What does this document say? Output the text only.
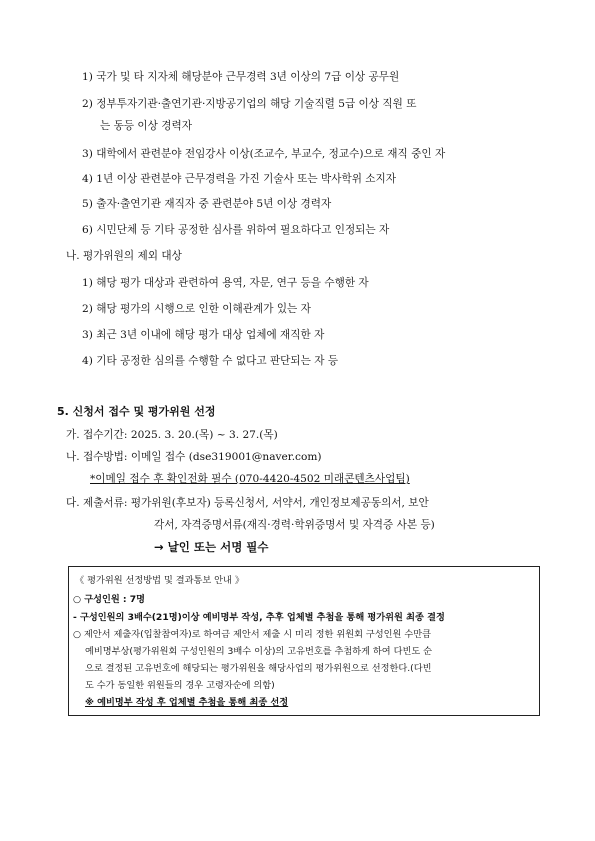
1) 국가 및 타 지자체 해당분야 근무경력 3년 이상의 7급 이상 공무원
2) 정부투자기관·출연기관·지방공기업의 해당 기술직렬 5급 이상 직원 또
는 동등 이상 경력자
3) 대학에서 관련분야 전임강사 이상(조교수, 부교수, 정교수)으로 재직 중인 자
4) 1년 이상 관련분야 근무경력을 가진 기술사 또는 박사학위 소지자
5) 출자·출연기관 재직자 중 관련분야 5년 이상 경력자
6) 시민단체 등 기타 공정한 심사를 위하여 필요하다고 인정되는 자
나. 평가위원의 제외 대상
1) 해당 평가 대상과 관련하여 용역, 자문, 연구 등을 수행한 자
2) 해당 평가의 시행으로 인한 이해관계가 있는 자
3) 최근 3년 이내에 해당 평가 대상 업체에 재직한 자
4) 기타 공정한 심의를 수행할 수 없다고 판단되는 자 등
5. 신청서 접수 및 평가위원 선정
가. 접수기간: 2025. 3. 20.(목) ~ 3. 27.(목)
나. 접수방법: 이메일 접수 (dse319001@naver.com)
*이메일 접수 후 확인전화 필수 (070-4420-4502 미래콘텐츠사업팀)
다. 제출서류: 평가위원(후보자) 등록신청서, 서약서, 개인정보제공동의서, 보안
각서, 자격증명서류(재직·경력·학위증명서 및 자격증 사본 등)
→ 날인 또는 서명 필수
《 평가위원 선정방법 및 결과통보 안내 》
○ 구성인원 : 7명
- 구성인원의 3배수(21명)이상 예비명부 작성, 추후 업체별 추첨을 통해 평가위원 최종 결정
○ 제안서 제출자(입찰참여자)로 하여금 제안서 제출 시 미리 정한 위원회 구성인원 수만큼
예비명부상(평가위원회 구성인원의 3배수 이상)의 고유번호를 추첨하게 하여 다빈도 순
으로 결정된 고유번호에 해당되는 평가위원을 해당사업의 평가위원으로 선정한다.(다빈
도 수가 동일한 위원들의 경우 고령자순에 의함)
※ 예비명부 작성 후 업체별 추첨을 통해 최종 선정
